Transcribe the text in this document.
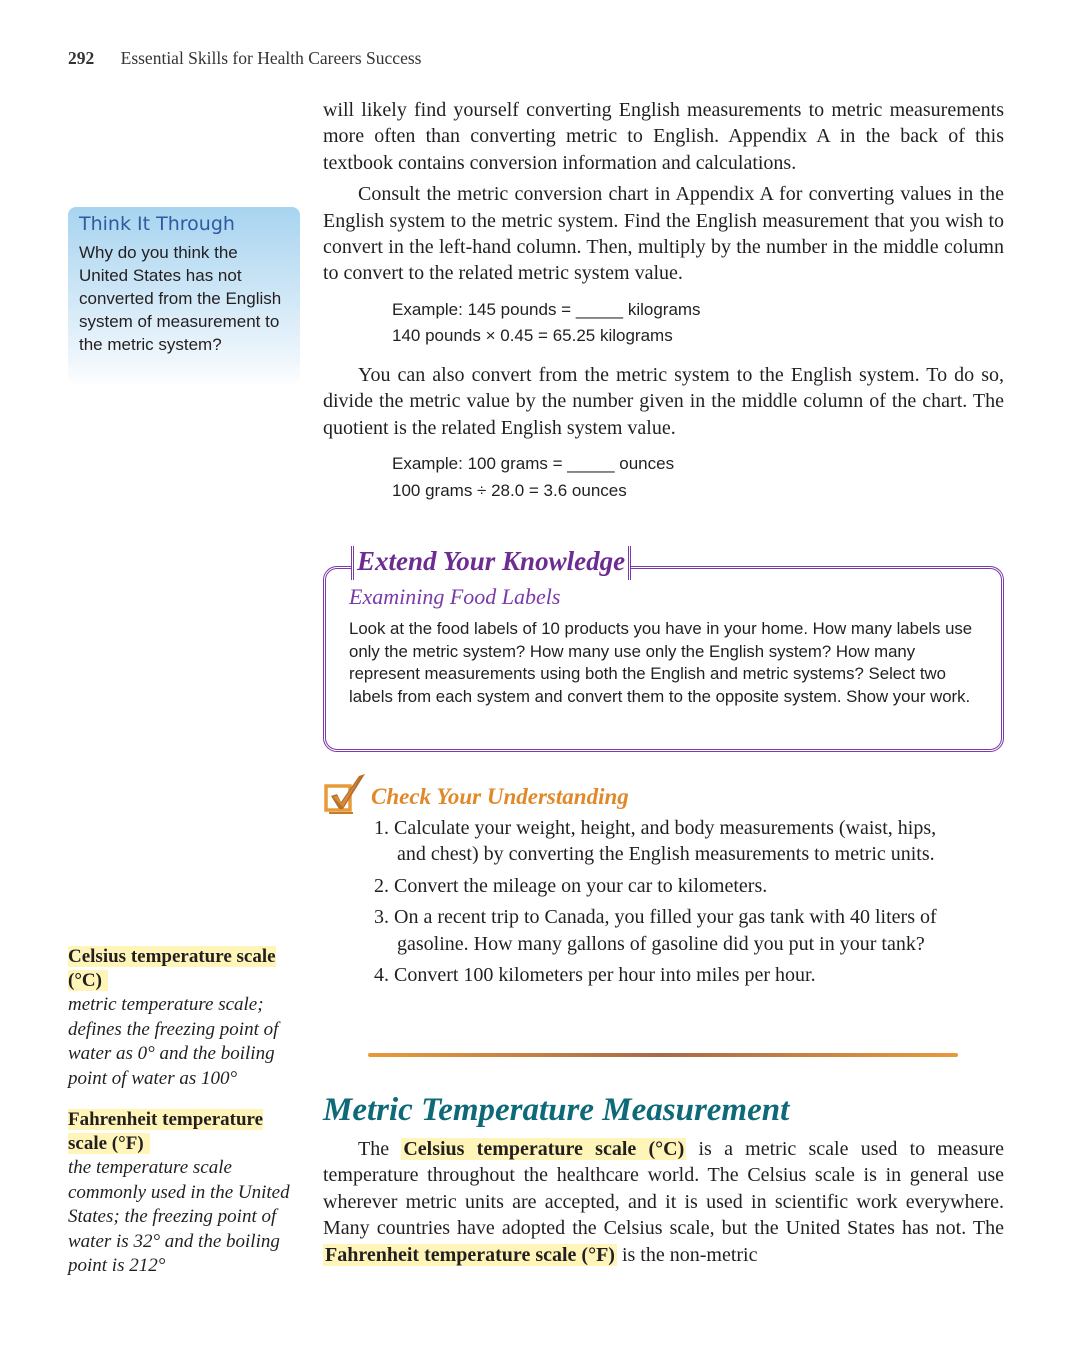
292 Essential Skills for Health Careers Success
Think It Through
Why do you think the United States has not converted from the English system of measurement to the metric system?

will likely find yourself converting English measurements to metric measurements more often than converting metric to English. Appendix A in the back of this textbook contains conversion information and calculations.

Consult the metric conversion chart in Appendix A for converting values in the English system to the metric system. Find the English measurement that you wish to convert in the left-hand column. Then, multiply by the number in the middle column to convert to the related metric system value.

Example: 145 pounds = _____ kilograms
140 pounds × 0.45 = 65.25 kilograms

You can also convert from the metric system to the English system. To do so, divide the metric value by the number given in the middle column of the chart. The quotient is the related English system value.

Example: 100 grams = _____ ounces
100 grams ÷ 28.0 = 3.6 ounces
Extend Your Knowledge
Examining Food Labels
Look at the food labels of 10 products you have in your home. How many labels use only the metric system? How many use only the English system? How many represent measurements using both the English and metric systems? Select two labels from each system and convert them to the opposite system. Show your work.
Check Your Understanding
1. Calculate your weight, height, and body measurements (waist, hips, and chest) by converting the English measurements to metric units.
2. Convert the mileage on your car to kilometers.
3. On a recent trip to Canada, you filled your gas tank with 40 liters of gasoline. How many gallons of gasoline did you put in your tank?
4. Convert 100 kilometers per hour into miles per hour.
Celsius temperature scale (°C)
metric temperature scale; defines the freezing point of water as 0° and the boiling point of water as 100°
Fahrenheit temperature scale (°F)
the temperature scale commonly used in the United States; the freezing point of water is 32° and the boiling point is 212°
Metric Temperature Measurement

The Celsius temperature scale (°C) is a metric scale used to measure temperature throughout the healthcare world. The Celsius scale is in general use wherever metric units are accepted, and it is used in scientific work everywhere. Many countries have adopted the Celsius scale, but the United States has not. The Fahrenheit temperature scale (°F) is the non-metric
